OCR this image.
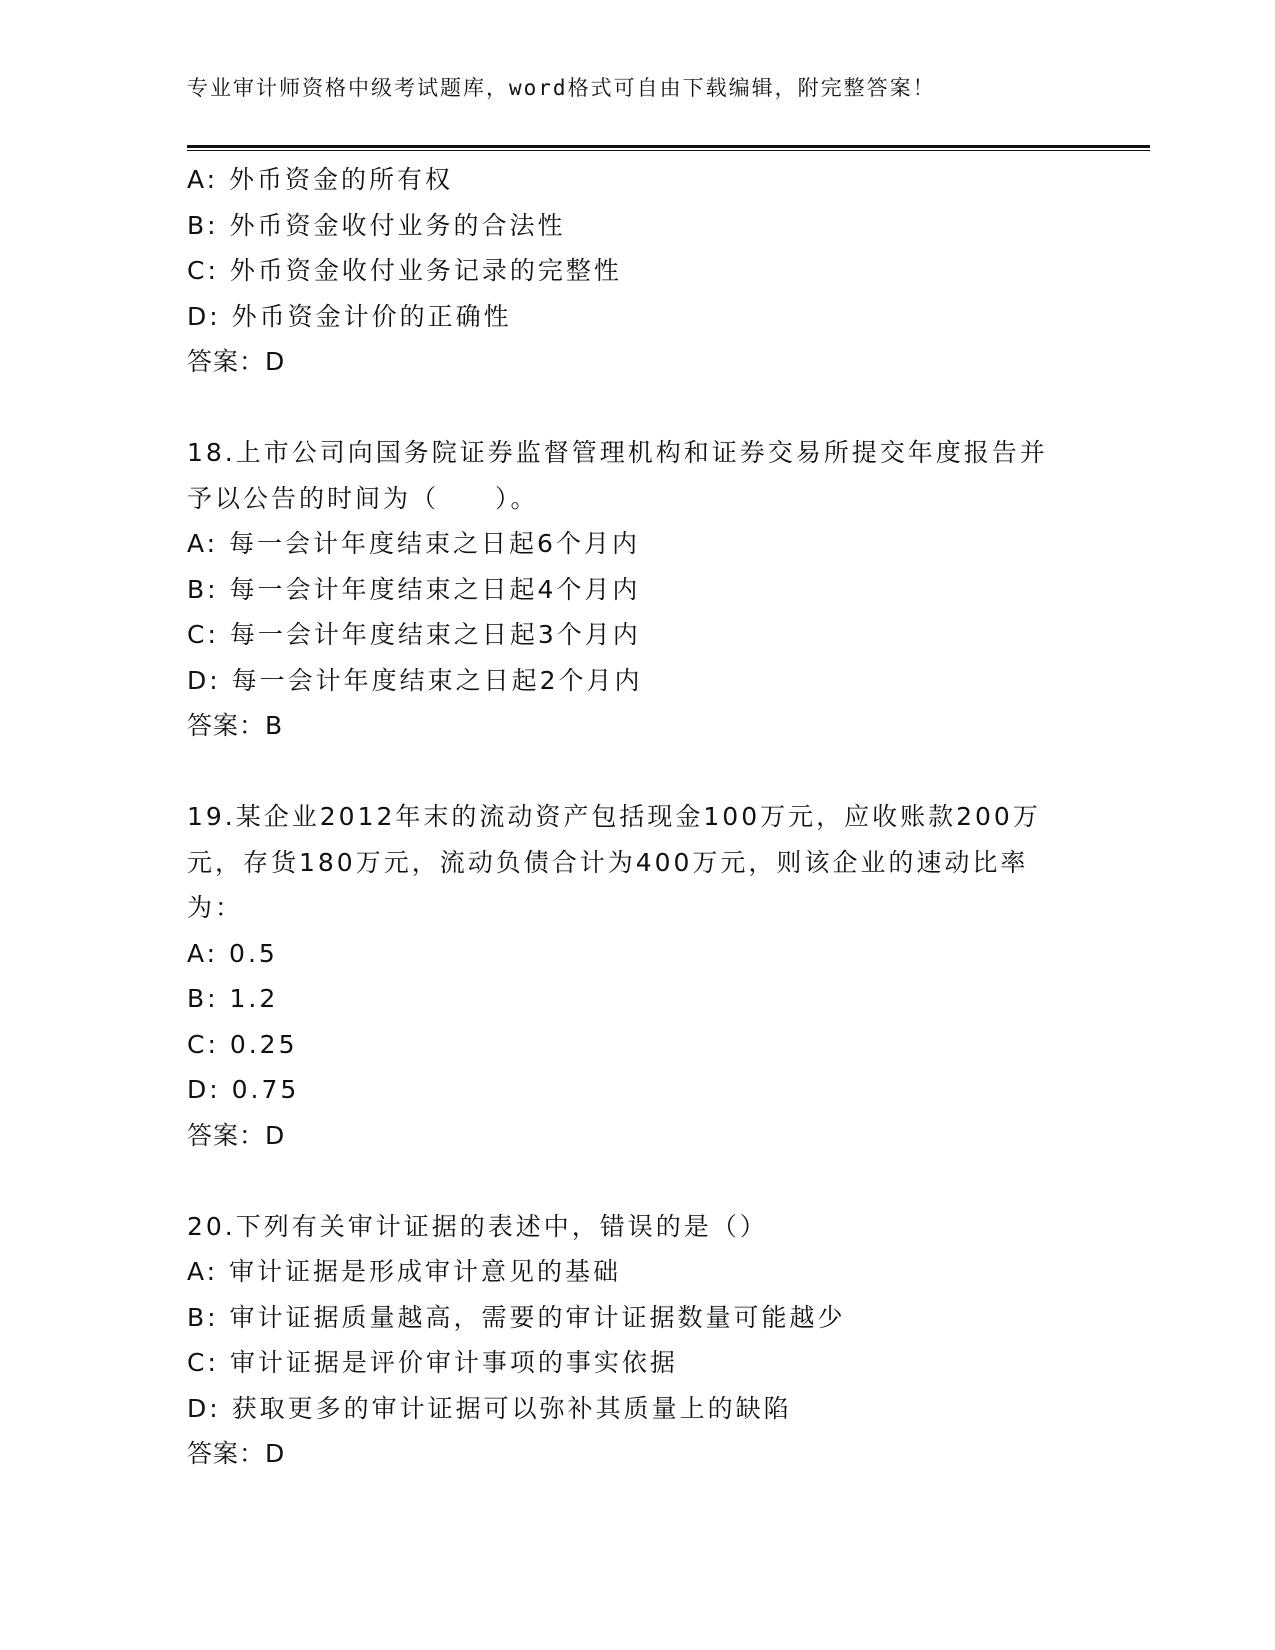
专业审计师资格中级考试题库，word格式可自由下载编辑，附完整答案！
A: 外币资金的所有权
B: 外币资金收付业务的合法性
C: 外币资金收付业务记录的完整性
D: 外币资金计价的正确性
答案：D
18.上市公司向国务院证券监督管理机构和证券交易所提交年度报告并
予以公告的时间为（　　）。
A: 每一会计年度结束之日起6个月内
B: 每一会计年度结束之日起4个月内
C: 每一会计年度结束之日起3个月内
D: 每一会计年度结束之日起2个月内
答案：B
19.某企业2012年末的流动资产包括现金100万元，应收账款200万
元，存货180万元，流动负债合计为400万元，则该企业的速动比率
为：
A: 0.5
B: 1.2
C: 0.25
D: 0.75
答案：D
20.下列有关审计证据的表述中，错误的是（）
A: 审计证据是形成审计意见的基础
B: 审计证据质量越高，需要的审计证据数量可能越少
C: 审计证据是评价审计事项的事实依据
D: 获取更多的审计证据可以弥补其质量上的缺陷
答案：D
